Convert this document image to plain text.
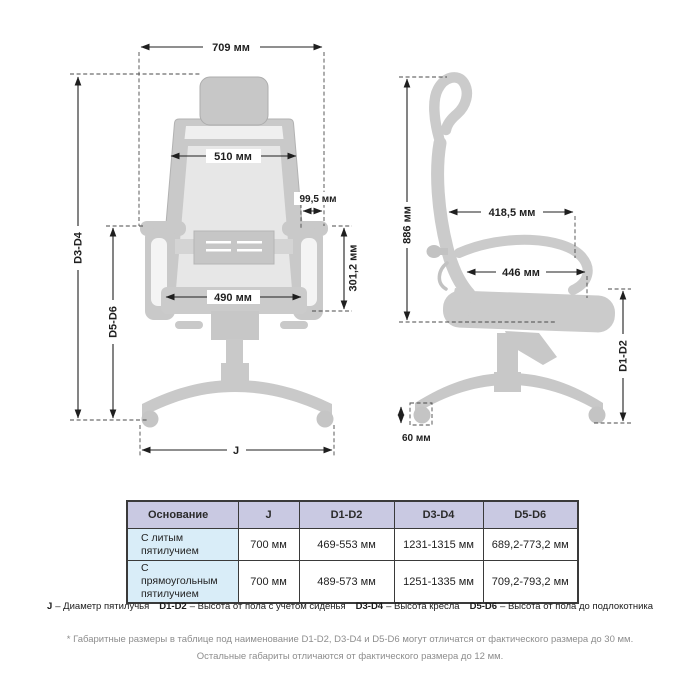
709 мм
D3-D4
D5-D6
510 мм
99,5 мм
301,2 мм
490 мм
J
886 мм	418,5 мм
446 мм
D1-D2
60 мм
Основание	J	D1-D2	D3-D4	D5-D6
С литым пятилучием	700 мм	469-553 мм	1231-1315 мм	689,2-773,2 мм
С прямоугольным пятилучием	700 мм	489-573 мм	1251-1335 мм	709,2-793,2 мм
J – Диаметр пятилучья D1-D2 – Высота от пола с учетом сиденья D3-D4 – Высота кресла D5-D6 – Высота от пола до подлокотника
* Габаритные размеры в таблице под наименование D1-D2, D3-D4 и D5-D6 могут отличатся от фактического размера до 30 мм.
Остальные габариты отличаются от фактического размера до 12 мм.
